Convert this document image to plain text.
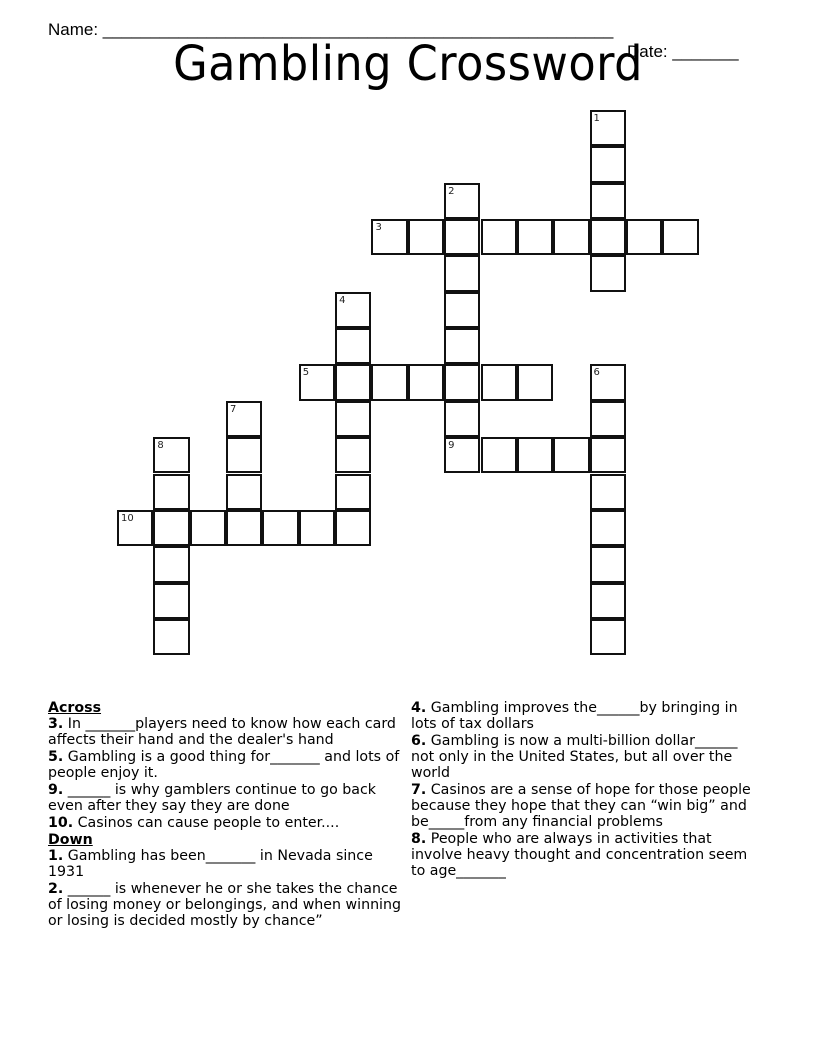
Name: ______________________________________________________

Date: _______

Gambling Crossword
1
2
9
3
4
5	6
7
8
10
Across
3. In _______players need to know how each card affects their hand and the dealer's hand
5. Gambling is a good thing for_______ and lots of people enjoy it.
9. ______ is why gamblers continue to go back even after they say they are done
10. Casinos can cause people to enter....
Down
1. Gambling has been_______ in Nevada since 1931
2. ______ is whenever he or she takes the chance of losing money or belongings, and when winning or losing is decided mostly by chance”
4. Gambling improves the______by bringing in lots of tax dollars
6. Gambling is now a multi-billion dollar______ not only in the United States, but all over the world
7. Casinos are a sense of hope for those people because they hope that they can “win big” and be_____from any financial problems
8. People who are always in activities that involve heavy thought and concentration seem to age_______
